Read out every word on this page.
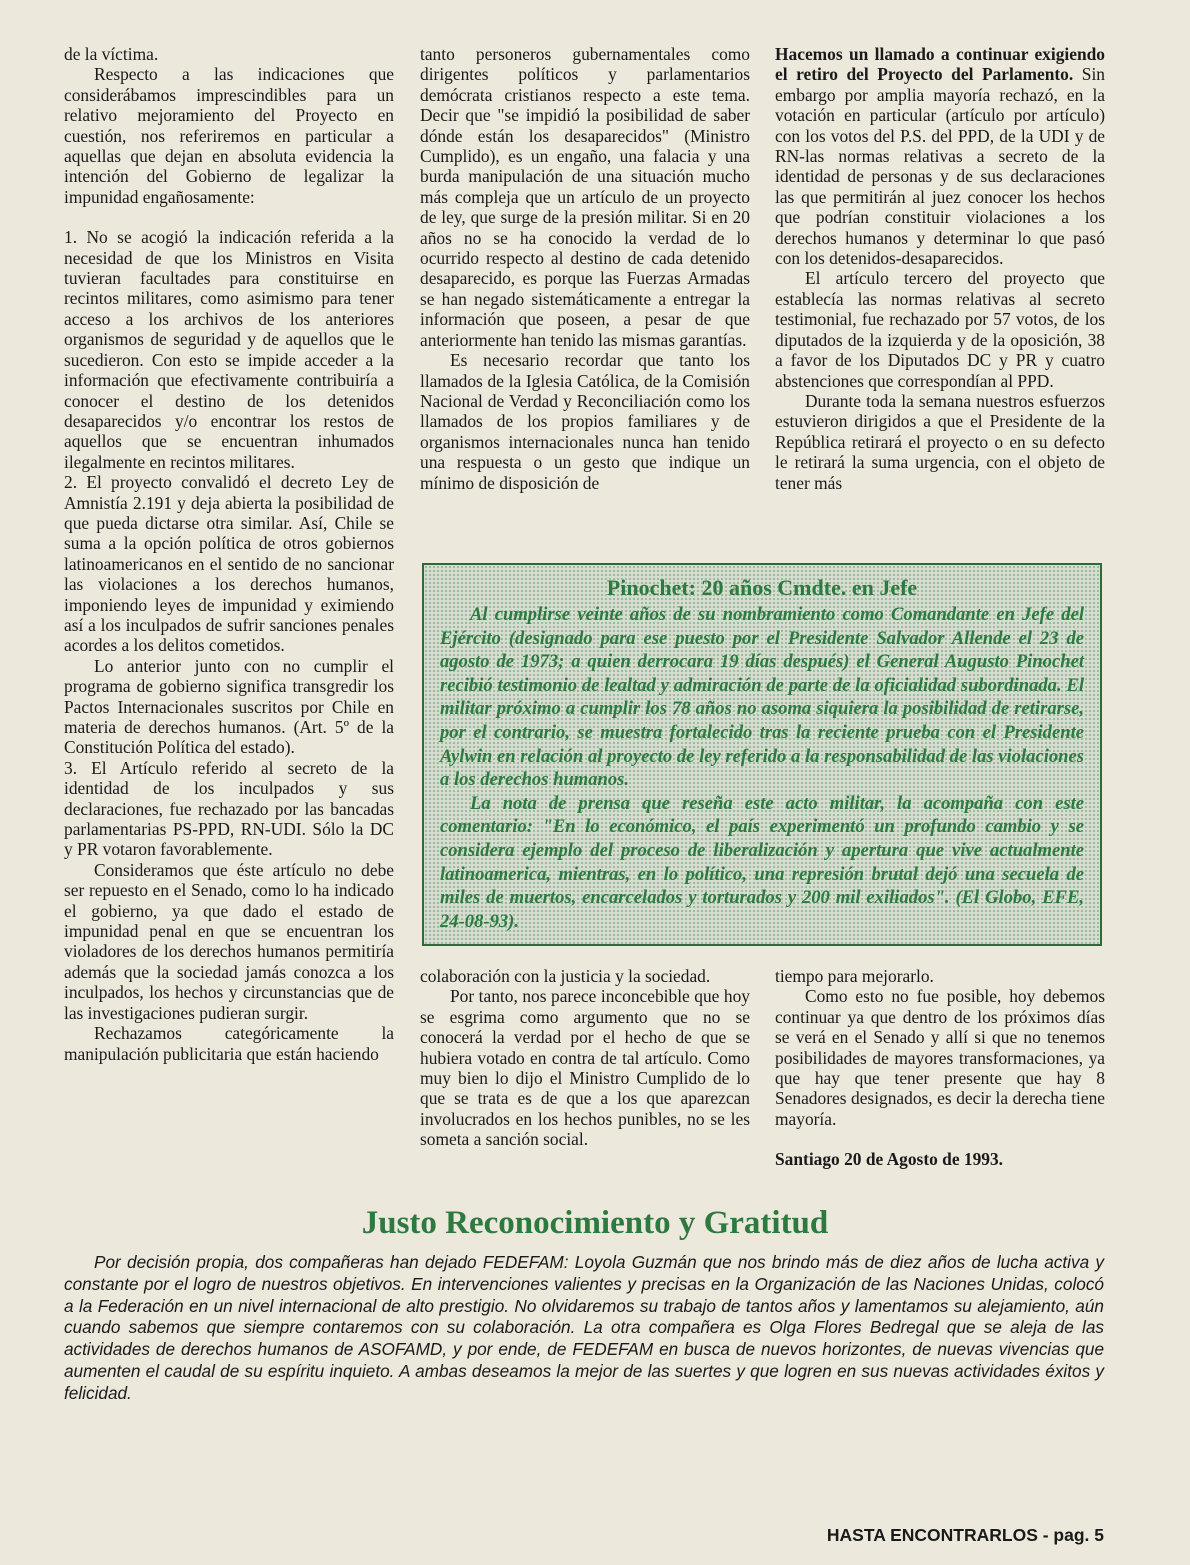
de la víctima.

Respecto a las indicaciones que considerábamos imprescindibles para un relativo mejoramiento del Proyecto en cuestión, nos referiremos en particular a aquellas que dejan en absoluta evidencia la intención del Gobierno de legalizar la impunidad engañosamente:

1. No se acogió la indicación referida a la necesidad de que los Ministros en Visita tuvieran facultades para constituirse en recintos militares, como asimismo para tener acceso a los archivos de los anteriores organismos de seguridad y de aquellos que le sucedieron. Con esto se impide acceder a la información que efectivamente contribuiría a conocer el destino de los detenidos desaparecidos y/o encontrar los restos de aquellos que se encuentran inhumados ilegalmente en recintos militares.

2. El proyecto convalidó el decreto Ley de Amnistía 2.191 y deja abierta la posibilidad de que pueda dictarse otra similar. Así, Chile se suma a la opción política de otros gobiernos latinoamericanos en el sentido de no sancionar las violaciones a los derechos humanos, imponiendo leyes de impunidad y eximiendo así a los inculpados de sufrir sanciones penales acordes a los delitos cometidos.

Lo anterior junto con no cumplir el programa de gobierno significa transgredir los Pactos Internacionales suscritos por Chile en materia de derechos humanos. (Art. 5º de la Constitución Política del estado).

3. El Artículo referido al secreto de la identidad de los inculpados y sus declaraciones, fue rechazado por las bancadas parlamentarias PS-PPD, RN-UDI. Sólo la DC y PR votaron favorablemente.

Consideramos que éste artículo no debe ser repuesto en el Senado, como lo ha indicado el gobierno, ya que dado el estado de impunidad penal en que se encuentran los violadores de los derechos humanos permitiría además que la sociedad jamás conozca a los inculpados, los hechos y circunstancias que de las investigaciones pudieran surgir.

Rechazamos categóricamente la manipulación publicitaria que están haciendo

tanto personeros gubernamentales como dirigentes políticos y parlamentarios demócrata cristianos respecto a este tema. Decir que "se impidió la posibilidad de saber dónde están los desaparecidos" (Ministro Cumplido), es un engaño, una falacia y una burda manipulación de una situación mucho más compleja que un artículo de un proyecto de ley, que surge de la presión militar. Si en 20 años no se ha conocido la verdad de lo ocurrido respecto al destino de cada detenido desaparecido, es porque las Fuerzas Armadas se han negado sistemáticamente a entregar la información que poseen, a pesar de que anteriormente han tenido las mismas garantías.

Es necesario recordar que tanto los llamados de la Iglesia Católica, de la Comisión Nacional de Verdad y Reconciliación como los llamados de los propios familiares y de organismos internacionales nunca han tenido una respuesta o un gesto que indique un mínimo de disposición de

Hacemos un llamado a continuar exigiendo el retiro del Proyecto del Parlamento. Sin embargo por amplia mayoría rechazó, en la votación en particular (artículo por artículo) con los votos del P.S. del PPD, de la UDI y de RN-las normas relativas a secreto de la identidad de personas y de sus declaraciones las que permitirán al juez conocer los hechos que podrían constituir violaciones a los derechos humanos y determinar lo que pasó con los detenidos-desaparecidos.

El artículo tercero del proyecto que establecía las normas relativas al secreto testimonial, fue rechazado por 57 votos, de los diputados de la izquierda y de la oposición, 38 a favor de los Diputados DC y PR y cuatro abstenciones que correspondían al PPD.

Durante toda la semana nuestros esfuerzos estuvieron dirigidos a que el Presidente de la República retirará el proyecto o en su defecto le retirará la suma urgencia, con el objeto de tener más

Pinochet: 20 años Cmdte. en Jefe

Al cumplirse veinte años de su nombramiento como Comandante en Jefe del Ejército (designado para ese puesto por el Presidente Salvador Allende el 23 de agosto de 1973; a quien derrocara 19 días después) el General Augusto Pinochet recibió testimonio de lealtad y admiración de parte de la oficialidad subordinada. El militar próximo a cumplir los 78 años no asoma siquiera la posibilidad de retirarse, por el contrario, se muestra fortalecido tras la reciente prueba con el Presidente Aylwin en relación al proyecto de ley referido a la responsabilidad de las violaciones a los derechos humanos.

La nota de prensa que reseña este acto militar, la acompaña con este comentario: "En lo económico, el país experimentó un profundo cambio y se considera ejemplo del proceso de liberalización y apertura que vive actualmente latinoamerica, mientras, en lo político, una represión brutal dejó una secuela de miles de muertos, encarcelados y torturados y 200 mil exiliados". (El Globo, EFE, 24-08-93).

colaboración con la justicia y la sociedad.

Por tanto, nos parece inconcebible que hoy se esgrima como argumento que no se conocerá la verdad por el hecho de que se hubiera votado en contra de tal artículo. Como muy bien lo dijo el Ministro Cumplido de lo que se trata es de que a los que aparezcan involucrados en los hechos punibles, no se les someta a sanción social.

tiempo para mejorarlo.

Como esto no fue posible, hoy debemos continuar ya que dentro de los próximos días se verá en el Senado y allí si que no tenemos posibilidades de mayores transformaciones, ya que hay que tener presente que hay 8 Senadores designados, es decir la derecha tiene mayoría.

Santiago 20 de Agosto de 1993.

Justo Reconocimiento y Gratitud

Por decisión propia, dos compañeras han dejado FEDEFAM: Loyola Guzmán que nos brindo más de diez años de lucha activa y constante por el logro de nuestros objetivos. En intervenciones valientes y precisas en la Organización de las Naciones Unidas, colocó a la Federación en un nivel internacional de alto prestigio. No olvidaremos su trabajo de tantos años y lamentamos su alejamiento, aún cuando sabemos que siempre contaremos con su colaboración. La otra compañera es Olga Flores Bedregal que se aleja de las actividades de derechos humanos de ASOFAMD, y por ende, de FEDEFAM en busca de nuevos horizontes, de nuevas vivencias que aumenten el caudal de su espíritu inquieto. A ambas deseamos la mejor de las suertes y que logren en sus nuevas actividades éxitos y felicidad.

HASTA ENCONTRARLOS - pag. 5
